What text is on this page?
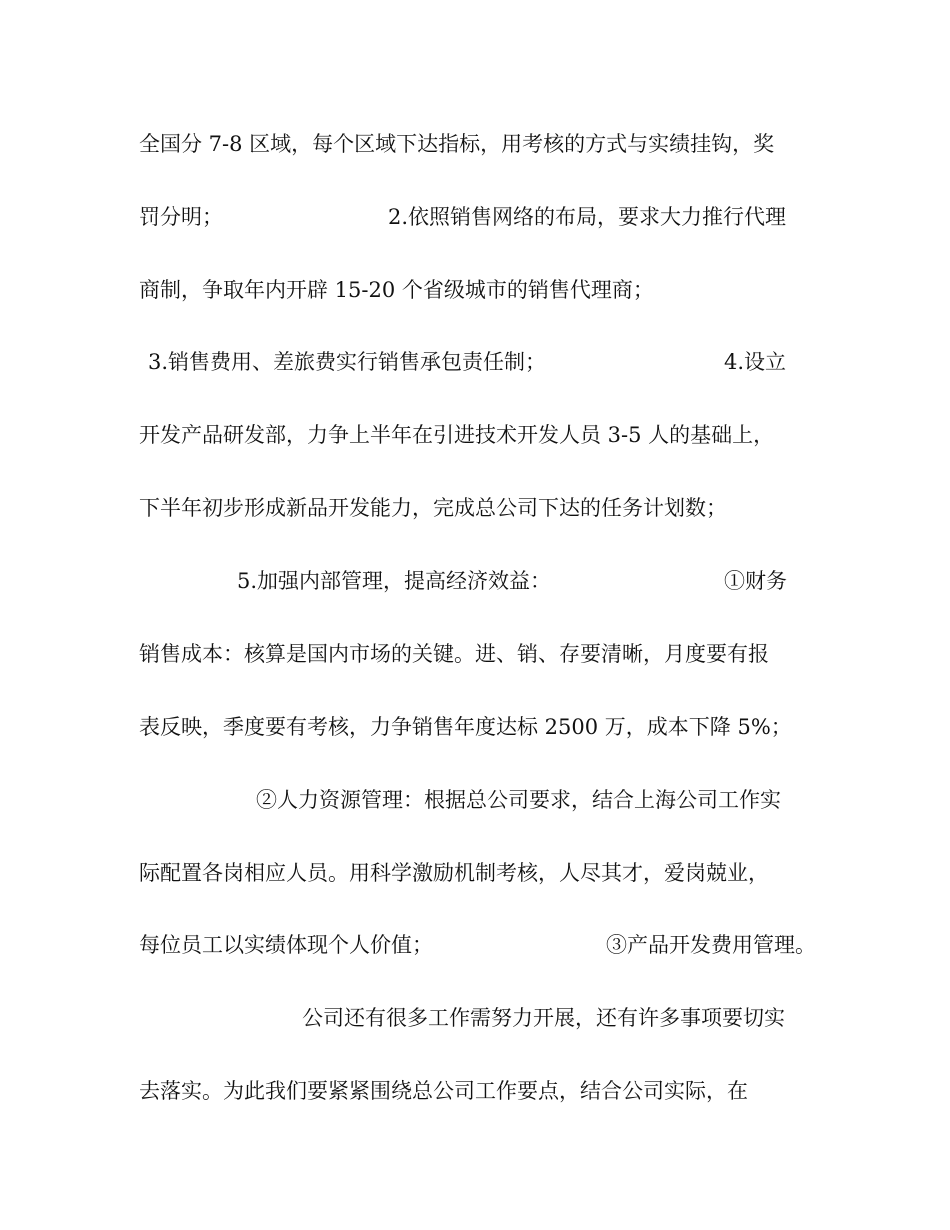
全国分 7-8 区域，每个区域下达指标，用考核的方式与实绩挂钩，奖

罚分明；

	2.依照销售网络的布局，要求大力推行代理

商制，争取年内开辟 15-20 个省级城市的销售代理商；

3.销售费用、差旅费实行销售承包责任制；

	4.设立

开发产品研发部，力争上半年在引进技术开发人员 3-5 人的基础上，

下半年初步形成新品开发能力，完成总公司下达的任务计划数；

5.加强内部管理，提高经济效益：

	①财务

销售成本：核算是国内市场的关键。进、销、存要清晰，月度要有报

表反映，季度要有考核，力争销售年度达标 2500 万，成本下降 5%；

②人力资源管理：根据总公司要求，结合上海公司工作实

际配置各岗相应人员。用科学激励机制考核，人尽其才，爱岗兢业，

每位员工以实绩体现个人价值；

	③产品开发费用管理。

公司还有很多工作需努力开展，还有许多事项要切实

去落实。为此我们要紧紧围绕总公司工作要点，结合公司实际，在
